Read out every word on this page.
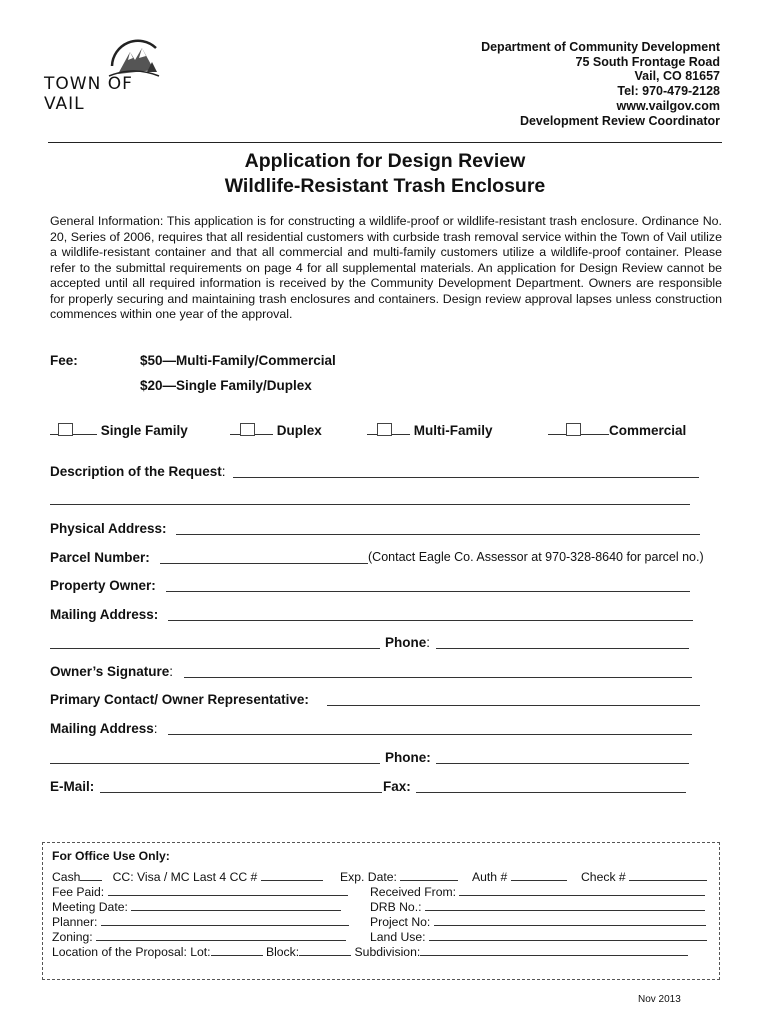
TOWN OF VAIL
Department of Community Development
75 South Frontage Road
Vail, CO 81657
Tel: 970-479-2128
www.vailgov.com
Development Review Coordinator
Application for Design Review
Wildlife-Resistant Trash Enclosure
General Information: This application is for constructing a wildlife-proof or wildlife-resistant trash enclosure. Ordinance No. 20, Series of 2006, requires that all residential customers with curbside trash removal service within the Town of Vail utilize a wildlife-resistant container and that all commercial and multi-family customers utilize a wildlife-proof container. Please refer to the submittal requirements on page 4 for all supplemental materials. An application for Design Review cannot be accepted until all required information is received by the Community Development Department. Owners are responsible for properly securing and maintaining trash enclosures and containers. Design review approval lapses unless construction commences within one year of the approval.
Fee:	$50—Multi-Family/Commercial
$20—Single Family/Duplex
Single Family	Duplex	Multi-Family	Commercial
Description of the Request:
Physical Address:
Parcel Number:	(Contact Eagle Co. Assessor at 970-328-8640 for parcel no.)
Property Owner:
Mailing Address:
Phone:
Owner’s Signature:
Primary Contact/ Owner Representative:
Mailing Address:
Phone:
E-Mail:	Fax:
For Office Use Only:
Cash	CC: Visa / MC Last 4 CC #	Exp. Date:	Auth #	Check #
Fee Paid:	Received From:
Meeting Date:	DRB No.:
Planner:	Project No:
Zoning:	Land Use:
Location of the Proposal: Lot:	Block:	Subdivision:
Nov 2013
